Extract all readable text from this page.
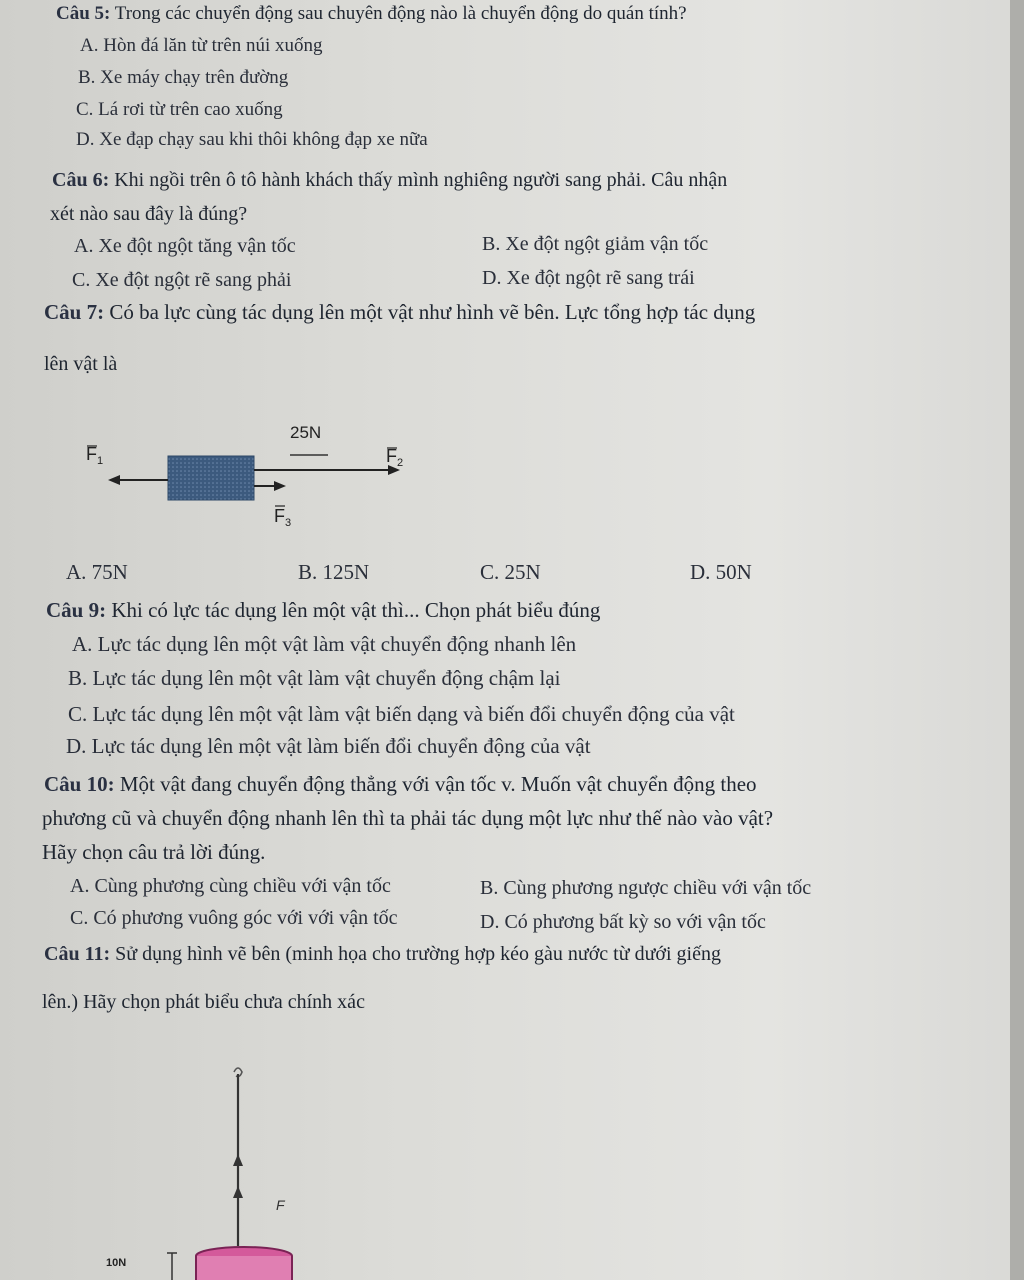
Câu 5: Trong các chuyển động sau chuyên động nào là chuyển động do quán tính?
A. Hòn đá lăn từ trên núi xuống
B. Xe máy chạy trên đường
C. Lá rơi từ trên cao xuống
D. Xe đạp chạy sau khi thôi không đạp xe nữa
Câu 6: Khi ngồi trên ô tô hành khách thấy mình nghiêng người sang phải. Câu nhận
xét nào sau đây là đúng?
A. Xe đột ngột tăng vận tốc	B. Xe đột ngột giảm vận tốc
C. Xe đột ngột rẽ sang phải	D. Xe đột ngột rẽ sang trái
Câu 7: Có ba lực cùng tác dụng lên một vật như hình vẽ bên. Lực tổng hợp tác dụng
lên vật là
25N
$F_1$	$F_2$
$F_3$
A. 75N	B. 125N	C. 25N	D. 50N
Câu 9: Khi có lực tác dụng lên một vật thì... Chọn phát biểu đúng
A. Lực tác dụng lên một vật làm vật chuyển động nhanh lên
B. Lực tác dụng lên một vật làm vật chuyển động chậm lại
C. Lực tác dụng lên một vật làm vật biến dạng và biến đổi chuyển động của vật
D. Lực tác dụng lên một vật làm biến đổi chuyển động của vật
Câu 10: Một vật đang chuyển động thẳng với vận tốc v. Muốn vật chuyển động theo
phương cũ và chuyển động nhanh lên thì ta phải tác dụng một lực như thế nào vào vật?
Hãy chọn câu trả lời đúng.
A. Cùng phương cùng chiều với vận tốc	B. Cùng phương ngược chiều với vận tốc
C. Có phương vuông góc với với vận tốc	D. Có phương bất kỳ so với vận tốc
Câu 11: Sử dụng hình vẽ bên (minh họa cho trường hợp kéo gàu nước từ dưới giếng
lên.) Hãy chọn phát biểu chưa chính xác
F
10N
